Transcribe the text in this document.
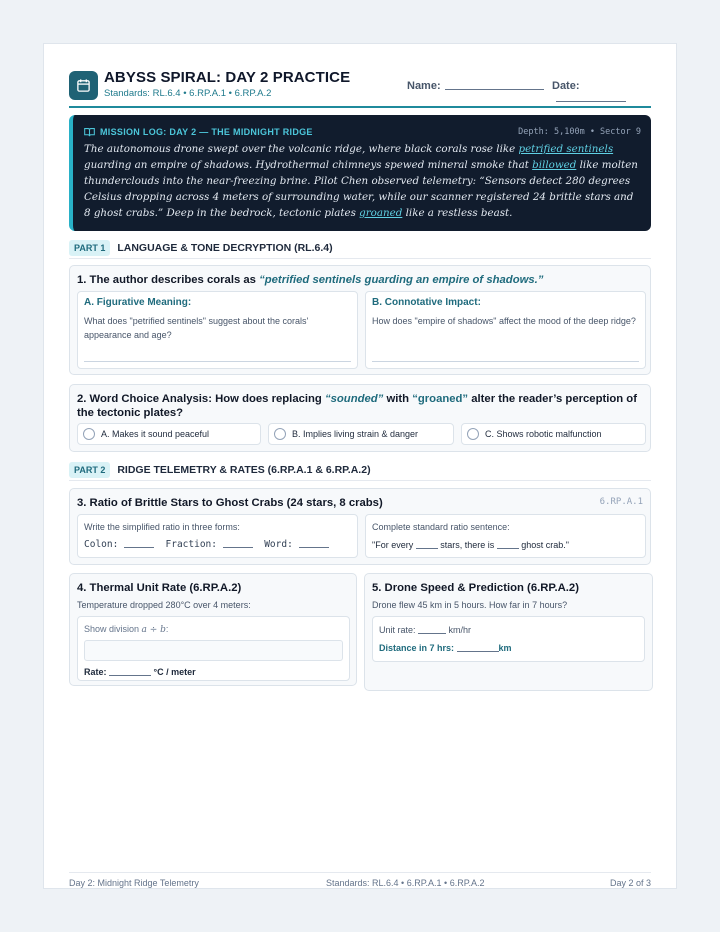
ABYSS SPIRAL: DAY 2 PRACTICE
Standards: RL.6.4 • 6.RP.A.1 • 6.RP.A.2
Name:	Date:
MISSION LOG: DAY 2 — THE MIDNIGHT RIDGE	Depth: 5,100m • Sector 9
The autonomous drone swept over the volcanic ridge, where black corals rose like petrified sentinels guarding an empire of shadows. Hydrothermal chimneys spewed mineral smoke that billowed like molten thunderclouds into the near-freezing brine. Pilot Chen observed telemetry: “Sensors detect 280 degrees Celsius dropping across 4 meters of surrounding water, while our scanner registered 24 brittle stars and 8 ghost crabs.” Deep in the bedrock, tectonic plates groaned like a restless beast.
PART 1	LANGUAGE & TONE DECRYPTION (RL.6.4)
1. The author describes corals as “petrified sentinels guarding an empire of shadows.”
A. Figurative Meaning:
What does "petrified sentinels" suggest about the corals' appearance and age?
B. Connotative Impact:
How does "empire of shadows" affect the mood of the deep ridge?
2. Word Choice Analysis: How does replacing “sounded” with “groaned” alter the reader’s perception of the tectonic plates?
A. Makes it sound peaceful	B. Implies living strain & danger	C. Shows robotic malfunction
PART 2	RIDGE TELEMETRY & RATES (6.RP.A.1 & 6.RP.A.2)
3. Ratio of Brittle Stars to Ghost Crabs (24 stars, 8 crabs)	6.RP.A.1
Write the simplified ratio in three forms:
Colon:	Fraction:	Word:
Complete standard ratio sentence:
"For every  stars, there is  ghost crab."
4. Thermal Unit Rate (6.RP.A.2)
Temperature dropped 280°C over 4 meters:
Show division a ÷ b:
Rate:	°C / meter
5. Drone Speed & Prediction (6.RP.A.2)
Drone flew 45 km in 5 hours. How far in 7 hours?
Unit rate:	km/hr
Distance in 7 hrs:	km
Day 2: Midnight Ridge Telemetry	Standards: RL.6.4 • 6.RP.A.1 • 6.RP.A.2	Day 2 of 3
